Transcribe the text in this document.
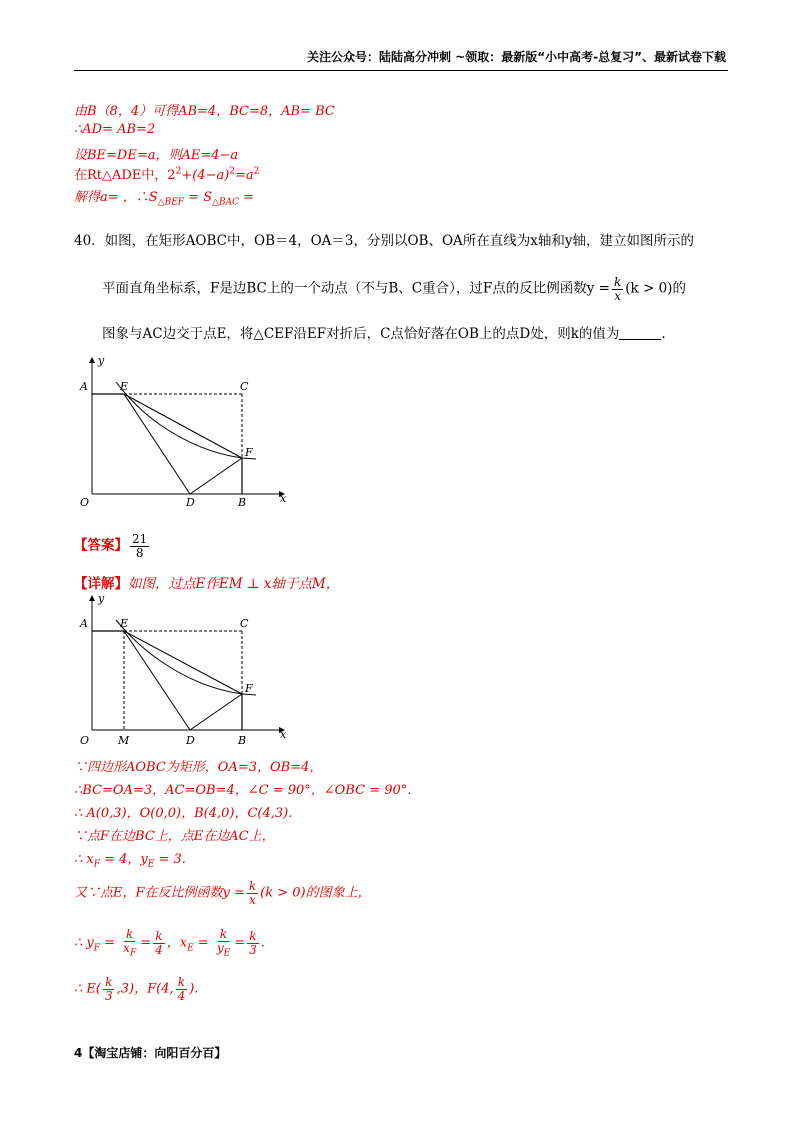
关注公众号：陆陆高分冲刺 ~领取：最新版“小中高考-总复习”、最新试卷下载
由B（8，4）可得AB=4，BC=8，AB= BC
∴AD= AB=2
设BE=DE=a，则AE=4−a
在Rt△ADE中，$2^2+(4-a)^2=a^2$
解得a= ，$\therefore S_{\triangle BEF} = S_{\triangle BAC}$ =
40．如图，在矩形AOBC中，OB＝4，OA＝3，分别以OB、OA所在直线为x轴和y轴，建立如图所示的
平面直角坐标系，F是边BC上的一个动点（不与B、C重合），过F点的反比例函数$y = \frac{k}{x} (k > 0)$的
图象与AC边交于点E，将△CEF沿EF对折后，C点恰好落在OB上的点D处，则k的值为	.
y
x
A	E	C
F
O	D	B
【答案】 $\frac{21}{8}$
【详解】如图，过点E作EM ⊥ x轴于点M，
y
x
A	E	C
F
O	M	D	B
∵四边形AOBC为矩形，OA=3，OB=4，
∴BC=OA=3，AC=OB=4，∠C = 90°，∠OBC = 90°.
∴ A(0,3)，O(0,0)，B(4,0)，C(4,3).
∵点F在边BC上，点E在边AC上，
∴ $x_F = 4$，$y_E = 3$.
又∵点E，F在反比例函数$y = \frac{k}{x} (k > 0)$的图象上，
∴ $y_F = \frac{k}{x_F} = \frac{k}{4}$ ，$x_E = \frac{k}{y_E} = \frac{k}{3}$ .
∴ $E( \frac{k}{3} ,3)$，F(4, $\frac{k}{4}$ ).
4【淘宝店铺：向阳百分百】
